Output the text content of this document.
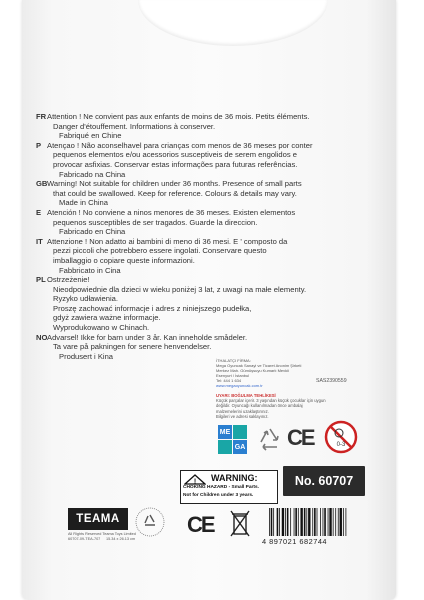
FR Attention ! Ne convient pas aux enfants de moins de 36 mois. Petits éléments.
Danger d'étouffement. Informations à conserver.
Fabriqué en Chine
P Atençao ! Não aconselhavel para crianças com menos de 36 meses por conter
pequenos elementos e/ou acessorios susceptiveis de serem engolidos e
provocar asfixias. Conservar estas informações para futuras referências.
Fabricado na China
GB Warning! Not suitable for children under 36 months. Presence of small parts
that could be swallowed. Keep for reference. Colours & details may vary.
Made in China
E Atención ! No conviene a ninos menores de 36 meses. Existen elementos
pequenos susceptibles de ser tragados. Guarde la direccion.
Fabricado en China
IT Attenzione ! Non adatto ai bambini di meno di 36 mesi. E ' composto da
pezzi piccoli che potrebbero essere ingolati. Conservare questo
imballaggio o copiare queste informazioni.
Fabbricato in Cina
PL Ostrzeżenie!
Nieodpowiednie dla dzieci w wieku poniżej 3 lat, z uwagi na małe elementy.
Ryzyko udławienia.
Proszę zachować informacje i adres z niniejszego pudełka,
gdyż zawiera ważne informacje.
Wyprodukowano w Chinach.
NO Advarsel! Ikke for barn under 3 år. Kan inneholde smådeler.
Ta vare på pakningen for senere henvendelser.
Produsert i Kina	İTHALATÇI FİRMA:
Mega Oyuncak Sanayi ve Ticaret Anonim Şirketi
Merkez Mah. Gümüşsuyu Kumarlı Mevkii
Esenyurt / İstanbul
Tel: 444 1 634
www.megaoyuncak.com.tr
SAS2390559
UYARI: BOĞULMA TEHLİKESİ
Küçük parçalar içerir. 3 yaşından küçük çocuklar için uygun
değildir. Oyuncağı kullanılmadan önce ambalaj
malzemelerini uzaklaştırınız.
Bilgileri ve adresi saklayınız.
ME
GA CE	0-3
! WARNING:
CHOKING HAZARD - Small Parts.
Not for Children under 3 years.
No. 60707
TEAMA
All Rights Reserved Teama Toys Limited
60707-09-TEA-707	15.34 x 26.13 cm
CE
4 897021 682744
